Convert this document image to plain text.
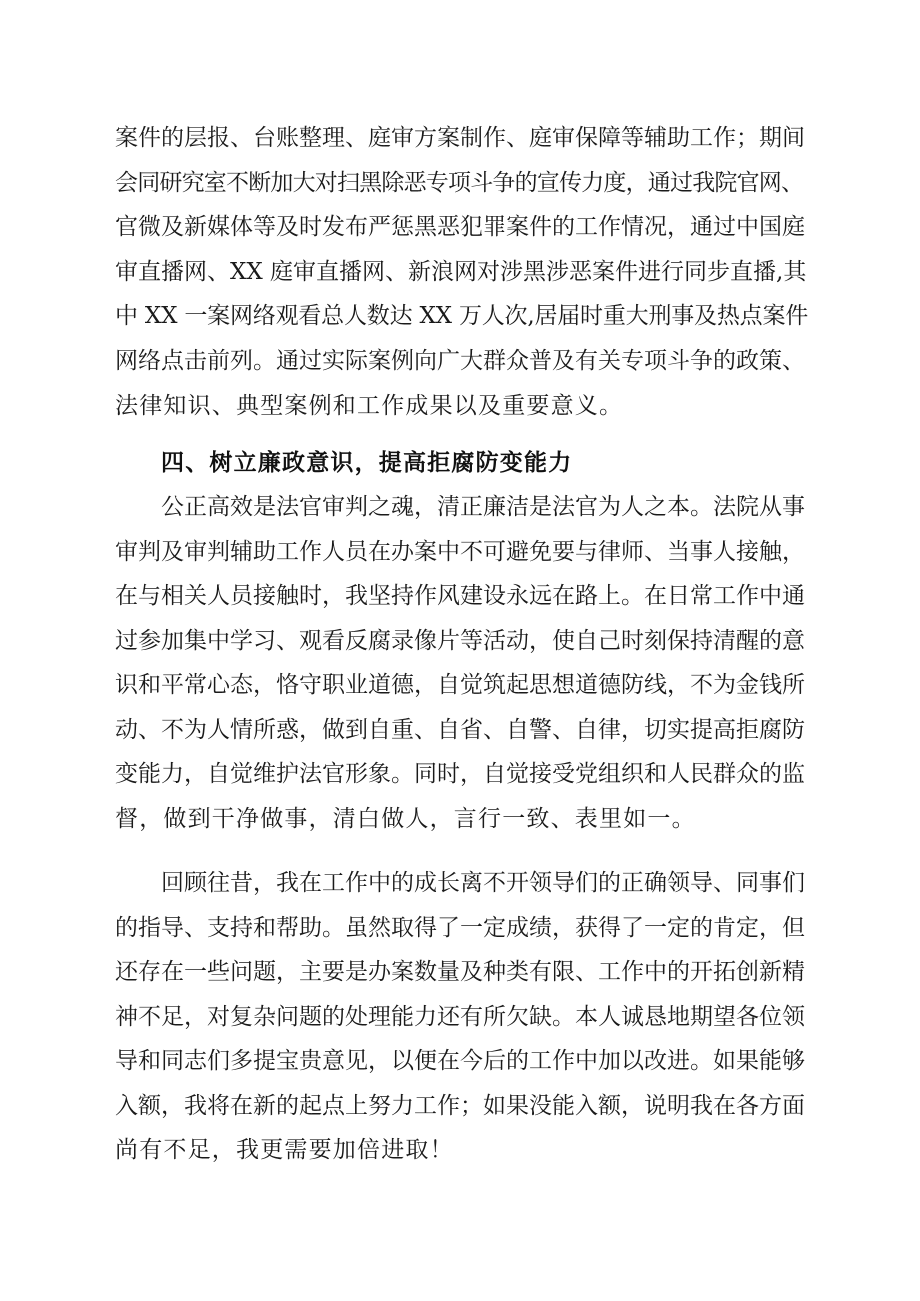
案件的层报、台账整理、庭审方案制作、庭审保障等辅助工作；期间
会同研究室不断加大对扫黑除恶专项斗争的宣传力度，通过我院官网、
官微及新媒体等及时发布严惩黑恶犯罪案件的工作情况，通过中国庭
审直播网、XX 庭审直播网、新浪网对涉黑涉恶案件进行同步直播,其
中 XX 一案网络观看总人数达 XX 万人次,居届时重大刑事及热点案件
网络点击前列。通过实际案例向广大群众普及有关专项斗争的政策、
法律知识、典型案例和工作成果以及重要意义。
四、树立廉政意识，提高拒腐防变能力
公正高效是法官审判之魂，清正廉洁是法官为人之本。法院从事
审判及审判辅助工作人员在办案中不可避免要与律师、当事人接触，
在与相关人员接触时，我坚持作风建设永远在路上。在日常工作中通
过参加集中学习、观看反腐录像片等活动，使自己时刻保持清醒的意
识和平常心态，恪守职业道德，自觉筑起思想道德防线，不为金钱所
动、不为人情所惑，做到自重、自省、自警、自律，切实提高拒腐防
变能力，自觉维护法官形象。同时，自觉接受党组织和人民群众的监
督，做到干净做事，清白做人，言行一致、表里如一。
回顾往昔，我在工作中的成长离不开领导们的正确领导、同事们
的指导、支持和帮助。虽然取得了一定成绩，获得了一定的肯定，但
还存在一些问题，主要是办案数量及种类有限、工作中的开拓创新精
神不足，对复杂问题的处理能力还有所欠缺。本人诚恳地期望各位领
导和同志们多提宝贵意见，以便在今后的工作中加以改进。如果能够
入额，我将在新的起点上努力工作；如果没能入额，说明我在各方面
尚有不足，我更需要加倍进取！
